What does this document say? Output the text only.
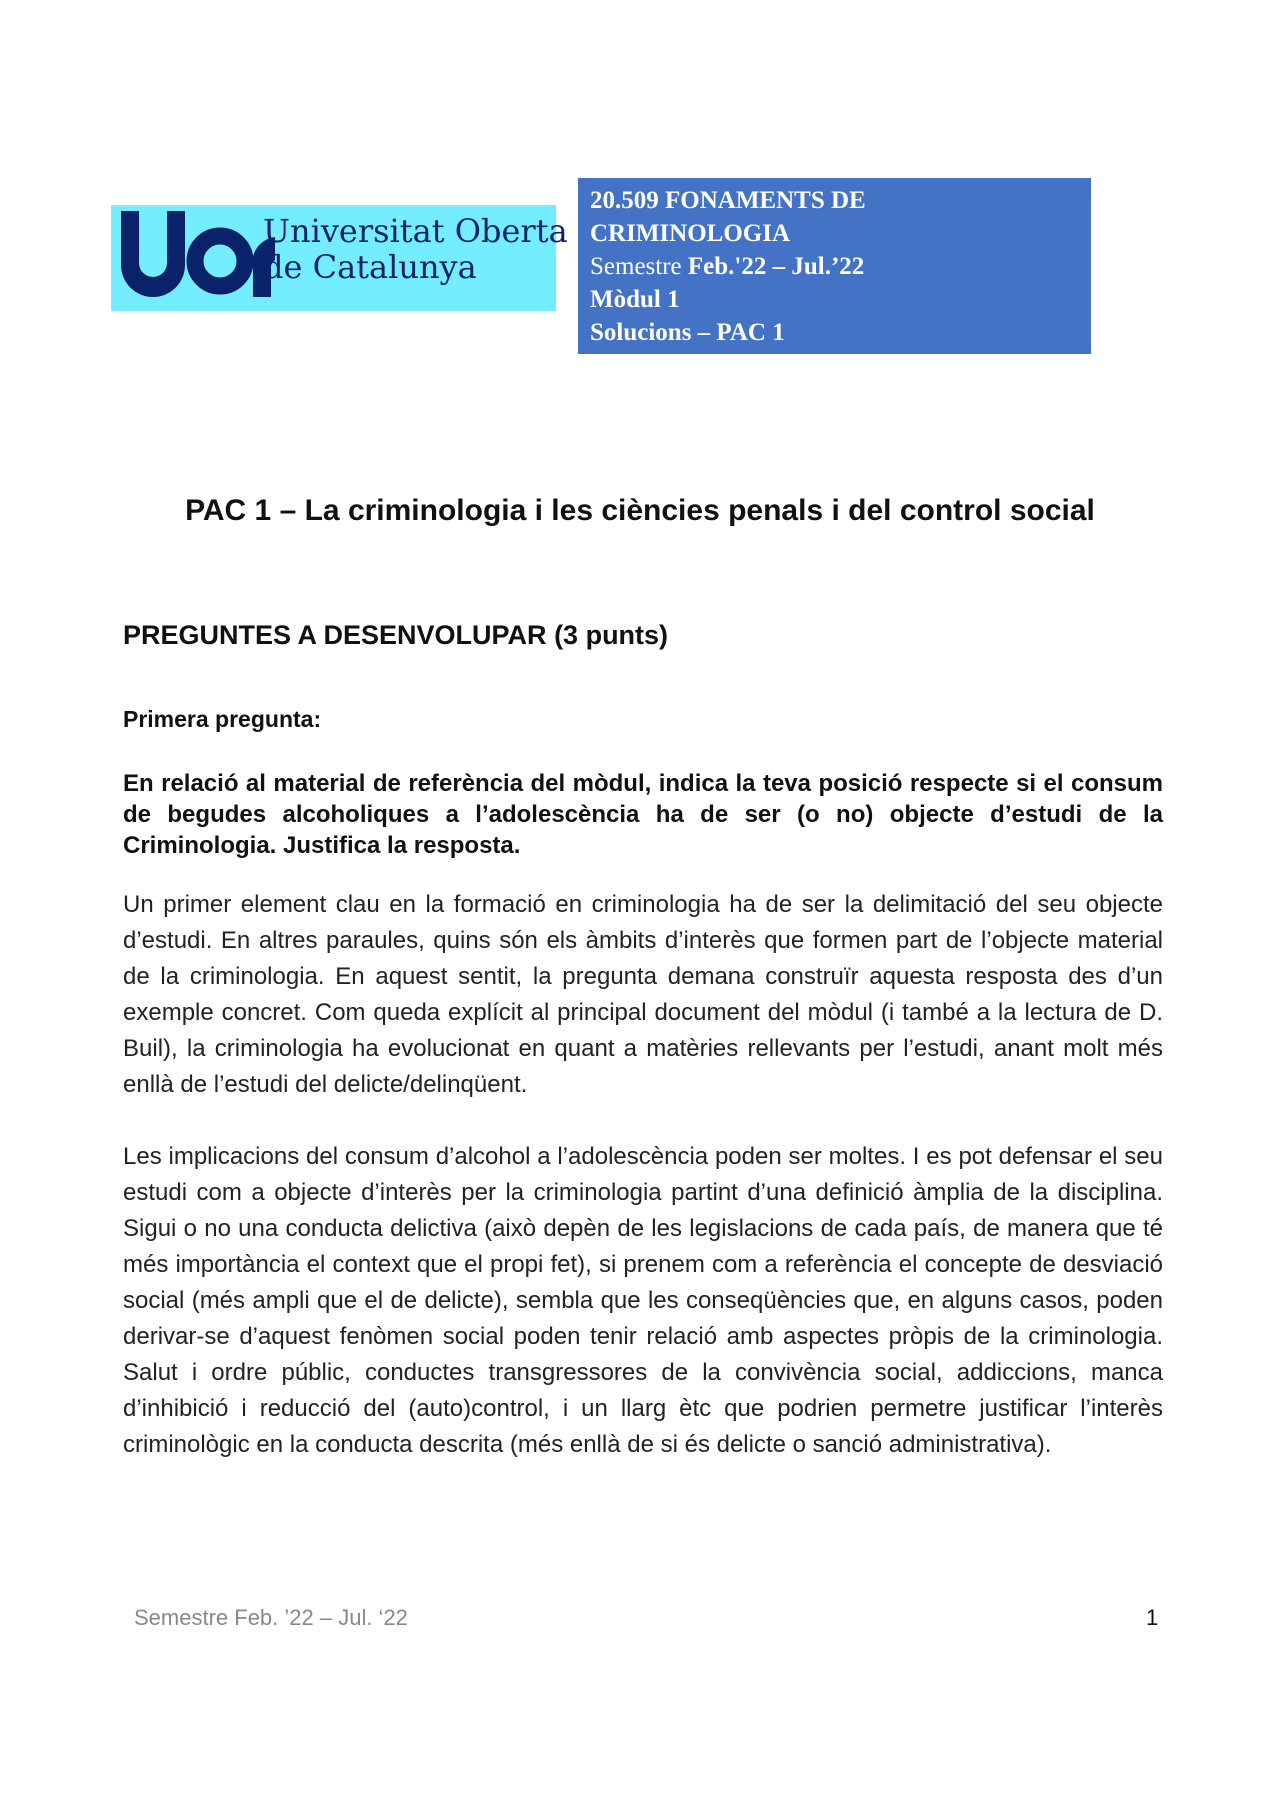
Universitat Oberta
de Catalunya
20.509 FONAMENTS DE
CRIMINOLOGIA
Semestre Feb.'22 – Jul.’22
Mòdul 1
Solucions – PAC 1
PAC 1 – La criminologia i les ciències penals i del control social
PREGUNTES A DESENVOLUPAR (3 punts)
Primera pregunta:

En relació al material de referència del mòdul, indica la teva posició respecte si el consum de begudes alcoholiques a l’adolescència ha de ser (o no) objecte d’estudi de la Criminologia. Justifica la resposta.

Un primer element clau en la formació en criminologia ha de ser la delimitació del seu objecte d’estudi. En altres paraules, quins són els àmbits d’interès que formen part de l’objecte material de la criminologia. En aquest sentit, la pregunta demana construïr aquesta resposta des d’un exemple concret. Com queda explícit al principal document del mòdul (i també a la lectura de D. Buil), la criminologia ha evolucionat en quant a matèries rellevants per l’estudi, anant molt més enllà de l’estudi del delicte/delinqüent.

Les implicacions del consum d’alcohol a l’adolescència poden ser moltes. I es pot defensar el seu estudi com a objecte d’interès per la criminologia partint d’una definició àmplia de la disciplina. Sigui o no una conducta delictiva (això depèn de les legislacions de cada país, de manera que té més importància el context que el propi fet), si prenem com a referència el concepte de desviació social (més ampli que el de delicte), sembla que les conseqüències que, en alguns casos, poden derivar-se d’aquest fenòmen social poden tenir relació amb aspectes pròpis de la criminologia. Salut i ordre públic, conductes transgressores de la convivència social, addiccions, manca d’inhibició i reducció del (auto)control, i un llarg ètc que podrien permetre justificar l’interès criminològic en la conducta descrita (més enllà de si és delicte o sanció administrativa).

Semestre Feb. ’22 – Jul. ‘22	1
